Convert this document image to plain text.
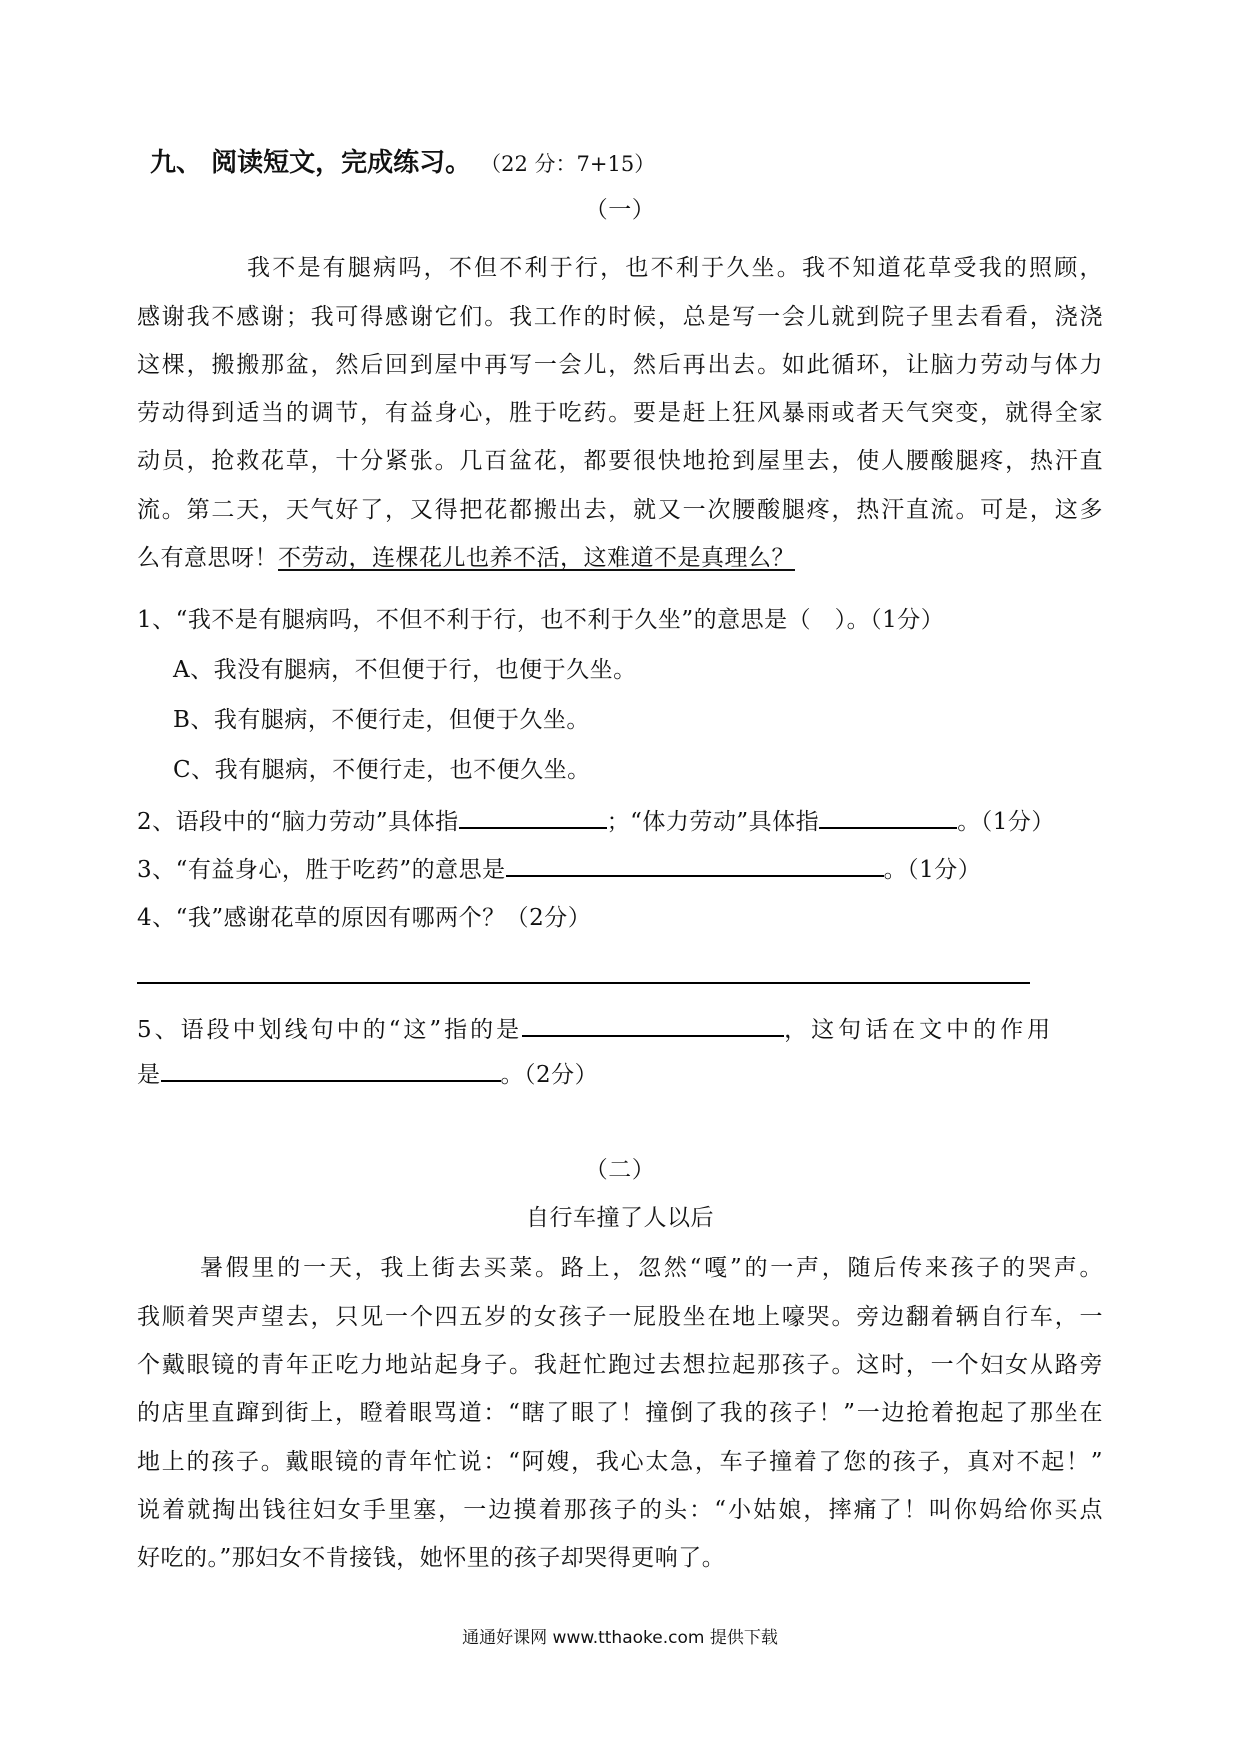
九、 阅读短文，完成练习。 （22 分：7+15）
（一）
我不是有腿病吗，不但不利于行，也不利于久坐。我不知道花草受我的照顾，
感谢我不感谢；我可得感谢它们。我工作的时候，总是写一会儿就到院子里去看看，浇浇
这棵，搬搬那盆，然后回到屋中再写一会儿，然后再出去。如此循环，让脑力劳动与体力
劳动得到适当的调节，有益身心，胜于吃药。要是赶上狂风暴雨或者天气突变，就得全家
动员，抢救花草，十分紧张。几百盆花，都要很快地抢到屋里去，使人腰酸腿疼，热汗直
流。第二天，天气好了，又得把花都搬出去，就又一次腰酸腿疼，热汗直流。可是，这多
么有意思呀！不劳动，连棵花儿也养不活，这难道不是真理么？
1、“我不是有腿病吗，不但不利于行，也不利于久坐”的意思是（　）。（1分）
A、我没有腿病，不但便于行，也便于久坐。
B、我有腿病，不便行走，但便于久坐。
C、我有腿病，不便行走，也不便久坐。
2、语段中的“脑力劳动”具体指	；“体力劳动”具体指	。（1分）
3、“有益身心，胜于吃药”的意思是	。（1分）
4、“我”感谢花草的原因有哪两个？（2分）
5、语段中划线句中的“这”指的是	，这句话在文中的作用
是	。（2分）
（二）
自行车撞了人以后
暑假里的一天，我上街去买菜。路上，忽然“嘎”的一声，随后传来孩子的哭声。
我顺着哭声望去，只见一个四五岁的女孩子一屁股坐在地上嚎哭。旁边翻着辆自行车，一
个戴眼镜的青年正吃力地站起身子。我赶忙跑过去想拉起那孩子。这时，一个妇女从路旁
的店里直蹿到街上，瞪着眼骂道：“瞎了眼了！撞倒了我的孩子！”一边抢着抱起了那坐在
地上的孩子。戴眼镜的青年忙说：“阿嫂，我心太急，车子撞着了您的孩子，真对不起！”
说着就掏出钱往妇女手里塞，一边摸着那孩子的头：“小姑娘，摔痛了！叫你妈给你买点
好吃的。”那妇女不肯接钱，她怀里的孩子却哭得更响了。
通通好课网 www.tthaoke.com 提供下载
